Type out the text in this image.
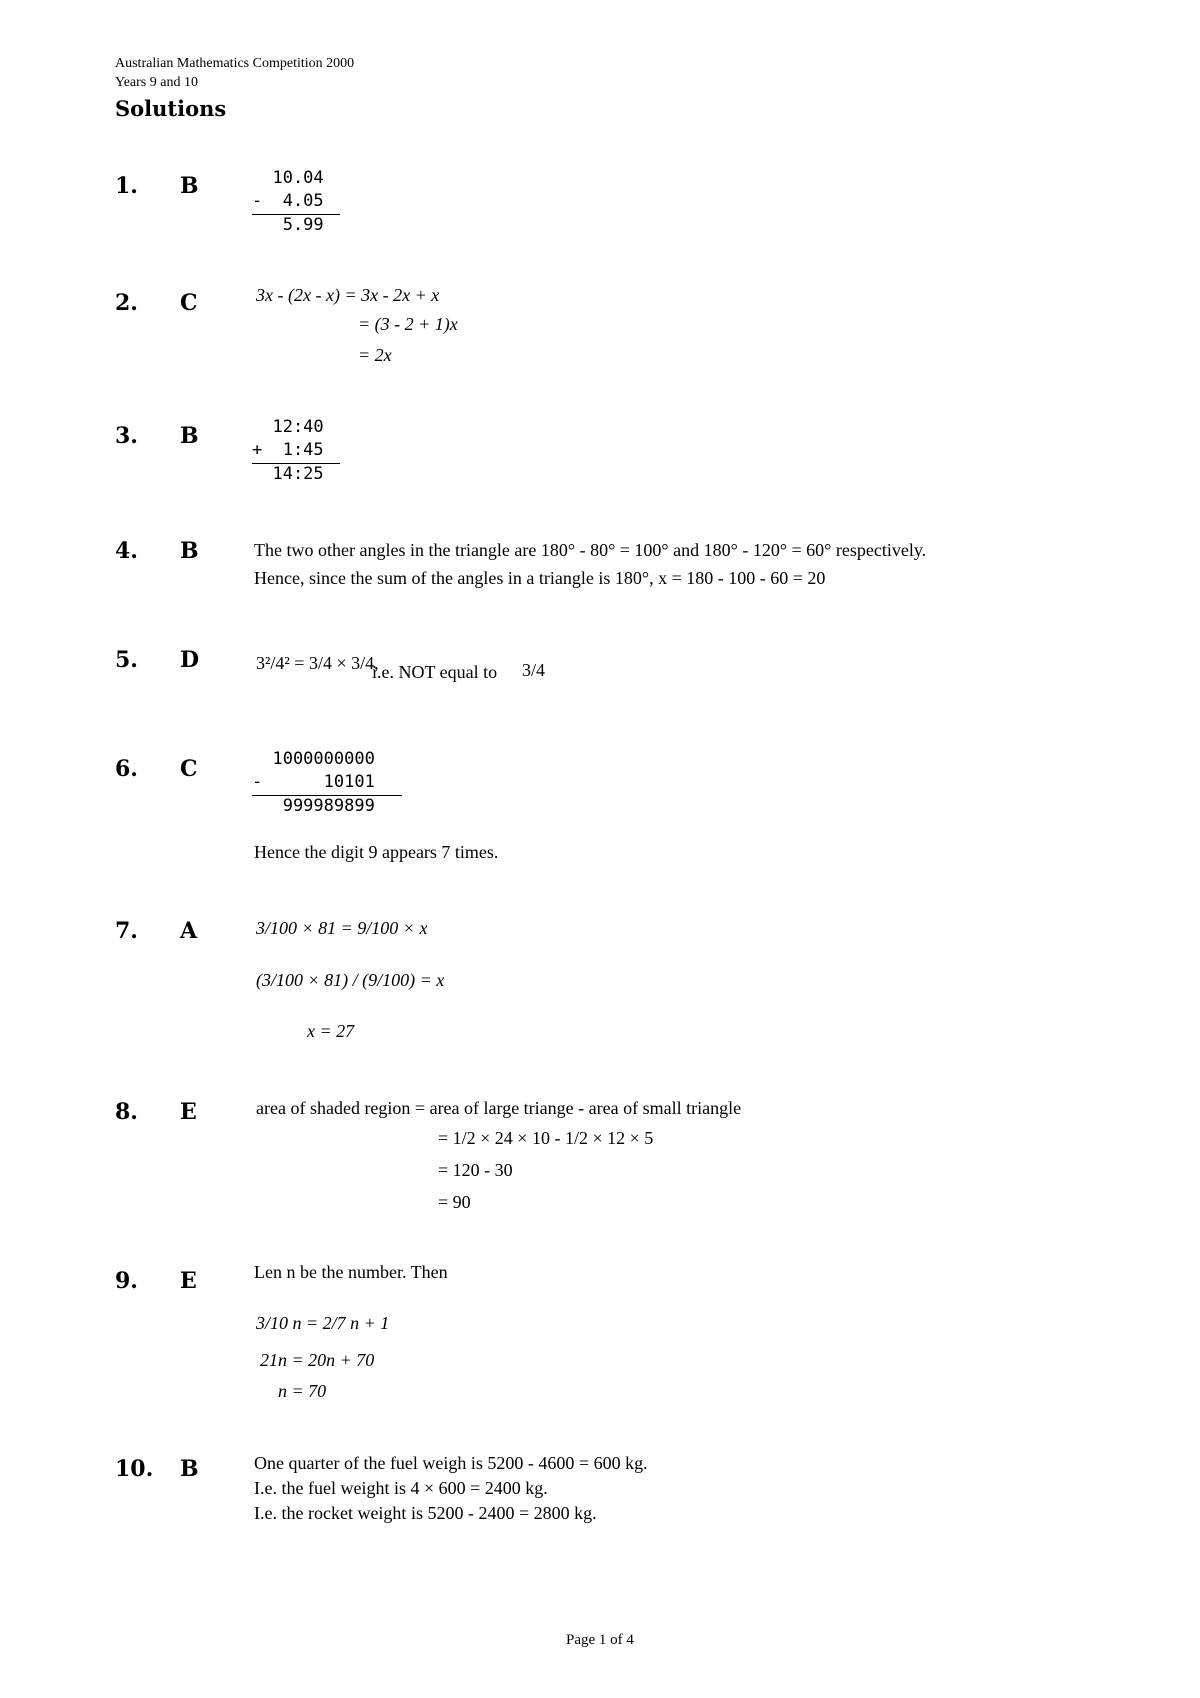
Australian Mathematics Competition 2000
Years 9 and 10
Solutions
1. B	10.04
-  4.05
5.99
2. C	3x - (2x - x) = 3x - 2x + x
= (3 - 2 + 1)x
= 2x
3. B	12:40
+  1:45
14:25
4. B	The two other angles in the triangle are 180° - 80° = 100° and 180° - 120° = 60° respectively.
Hence, since the sum of the angles in a triangle is 180°, x = 180 - 100 - 60 = 20
5. D	3²/4² = 3/4 × 3/4,
i.e. NOT equal to 3/4
6. C	1000000000
-      10101
999989899
Hence the digit 9 appears 7 times.
7. A	3/100 × 81 = 9/100 × x
(3/100 × 81) / (9/100) = x
x = 27
8. E	area of shaded region = area of large triange - area of small triangle
= 1/2 × 24 × 10 - 1/2 × 12 × 5
= 120 - 30
= 90
9. E	Len n be the number. Then
3/10 n = 2/7 n + 1
21n = 20n + 70
n = 70
10. B	One quarter of the fuel weigh is 5200 - 4600 = 600 kg.
I.e. the fuel weight is 4 × 600 = 2400 kg.
I.e. the rocket weight is 5200 - 2400 = 2800 kg.
Page 1 of 4
